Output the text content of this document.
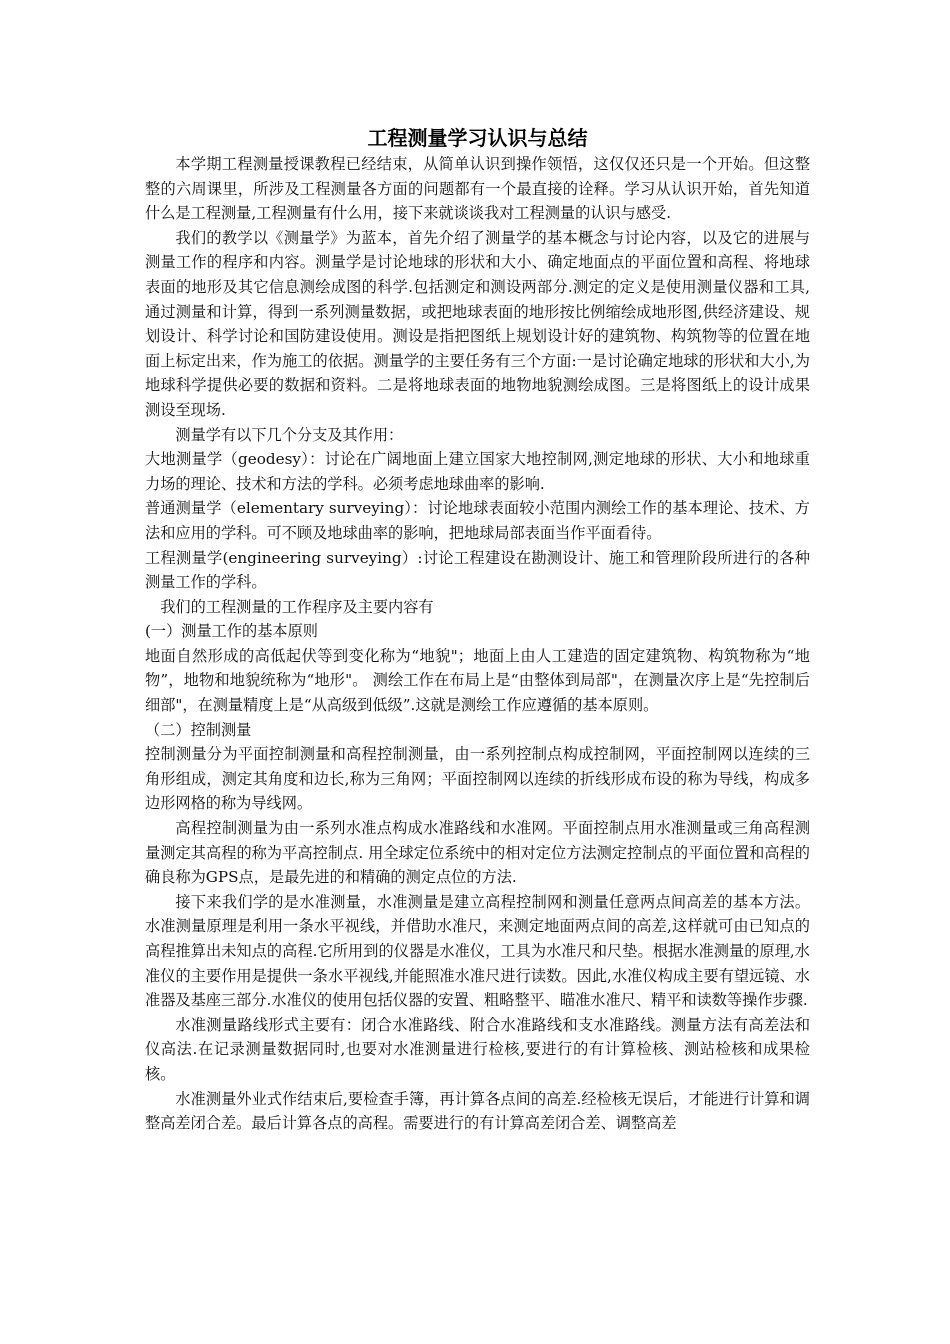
工程测量学习认识与总结

本学期工程测量授课教程已经结束，从简单认识到操作领悟，这仅仅还只是一个开始。但这整整的六周课里，所涉及工程测量各方面的问题都有一个最直接的诠释。学习从认识开始，首先知道什么是工程测量,工程测量有什么用，接下来就谈谈我对工程测量的认识与感受.

我们的教学以《测量学》为蓝本，首先介绍了测量学的基本概念与讨论内容，以及它的进展与测量工作的程序和内容。测量学是讨论地球的形状和大小、确定地面点的平面位置和高程、将地球表面的地形及其它信息测绘成图的科学.包括测定和测设两部分.测定的定义是使用测量仪器和工具,通过测量和计算，得到一系列测量数据，或把地球表面的地形按比例缩绘成地形图,供经济建设、规划设计、科学讨论和国防建设使用。测设是指把图纸上规划设计好的建筑物、构筑物等的位置在地面上标定出来，作为施工的依据。测量学的主要任务有三个方面:一是讨论确定地球的形状和大小,为地球科学提供必要的数据和资料。二是将地球表面的地物地貌测绘成图。三是将图纸上的设计成果测设至现场.

测量学有以下几个分支及其作用：

大地测量学（geodesy）：讨论在广阔地面上建立国家大地控制网,测定地球的形状、大小和地球重力场的理论、技术和方法的学科。必须考虑地球曲率的影响.

普通测量学（elementary surveying）：讨论地球表面较小范围内测绘工作的基本理论、技术、方法和应用的学科。可不顾及地球曲率的影响，把地球局部表面当作平面看待。

工程测量学(engineering surveying）:讨论工程建设在勘测设计、施工和管理阶段所进行的各种测量工作的学科。

我们的工程测量的工作程序及主要内容有

(一）测量工作的基本原则

地面自然形成的高低起伏等到变化称为“地貌"；地面上由人工建造的固定建筑物、构筑物称为“地物”，地物和地貌统称为“地形"。 测绘工作在布局上是“由整体到局部"，在测量次序上是“先控制后细部"，在测量精度上是“从高级到低级”.这就是测绘工作应遵循的基本原则。

（二）控制测量

控制测量分为平面控制测量和高程控制测量，由一系列控制点构成控制网，平面控制网以连续的三角形组成，测定其角度和边长,称为三角网；平面控制网以连续的折线形成布设的称为导线，构成多边形网格的称为导线网。

高程控制测量为由一系列水准点构成水准路线和水准网。平面控制点用水准测量或三角高程测量测定其高程的称为平高控制点. 用全球定位系统中的相对定位方法测定控制点的平面位置和高程的确良称为GPS点，是最先进的和精确的测定点位的方法.

接下来我们学的是水准测量，水准测量是建立高程控制网和测量任意两点间高差的基本方法。水准测量原理是利用一条水平视线，并借助水准尺，来测定地面两点间的高差,这样就可由已知点的高程推算出未知点的高程.它所用到的仪器是水准仪，工具为水准尺和尺垫。根据水准测量的原理,水准仪的主要作用是提供一条水平视线,并能照准水准尺进行读数。因此,水准仪构成主要有望远镜、水准器及基座三部分.水准仪的使用包括仪器的安置、粗略整平、瞄准水准尺、精平和读数等操作步骤.

水准测量路线形式主要有：闭合水准路线、附合水准路线和支水准路线。测量方法有高差法和仪高法.在记录测量数据同时,也要对水准测量进行检核,要进行的有计算检核、测站检核和成果检核。

水准测量外业式作结束后,要检查手簿，再计算各点间的高差.经检核无误后，才能进行计算和调整高差闭合差。最后计算各点的高程。需要进行的有计算高差闭合差、调整高差
